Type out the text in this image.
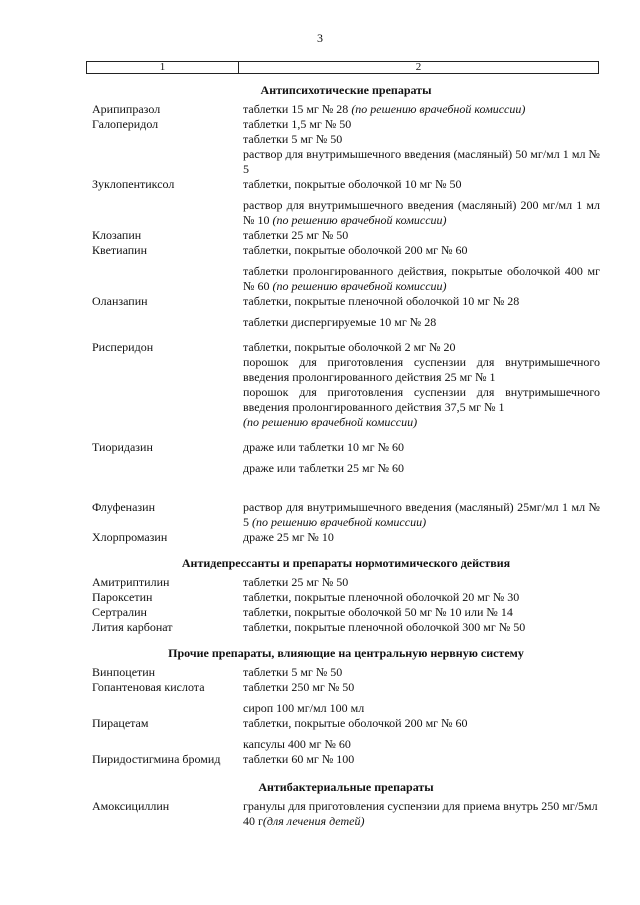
3
1	2
Антипсихотические препараты
Арипипразол	таблетки 15 мг № 28 (по решению врачебной комиссии)
Галоперидол	таблетки 1,5 мг № 50
таблетки 5 мг № 50
раствор для внутримышечного введения (масляный) 50 мг/мл 1 мл № 5
Зуклопентиксол	таблетки, покрытые оболочкой 10 мг № 50
раствор для внутримышечного введения (масляный) 200 мг/мл 1 мл № 10 (по решению врачебной комиссии)
Клозапин	таблетки 25 мг № 50
Кветиапин	таблетки, покрытые оболочкой 200 мг № 60
таблетки пролонгированного действия, покрытые оболочкой 400 мг № 60 (по решению врачебной комиссии)
Оланзапин	таблетки, покрытые пленочной оболочкой 10 мг № 28
таблетки диспергируемые 10 мг № 28
Рисперидон	таблетки, покрытые оболочкой 2 мг № 20
порошок для приготовления суспензии для внутримышечного введения пролонгированного действия 25 мг № 1
порошок для приготовления суспензии для внутримышечного введения пролонгированного действия 37,5 мг № 1
(по решению врачебной комиссии)
Тиоридазин	драже или таблетки 10 мг № 60
драже или таблетки 25 мг № 60
Флуфеназин	раствор для внутримышечного введения (масляный) 25мг/мл 1 мл № 5 (по решению врачебной комиссии)
Хлорпромазин	драже 25 мг № 10
Антидепрессанты и препараты нормотимического действия
Амитриптилин	таблетки 25 мг № 50
Пароксетин	таблетки, покрытые пленочной оболочкой 20 мг № 30
Сертралин	таблетки, покрытые оболочкой 50 мг № 10 или № 14
Лития карбонат	таблетки, покрытые пленочной оболочкой 300 мг № 50
Прочие препараты, влияющие на центральную нервную систему
Винпоцетин	таблетки 5 мг № 50
Гопантеновая кислота	таблетки 250 мг № 50
сироп 100 мг/мл 100 мл
Пирацетам	таблетки, покрытые оболочкой 200 мг № 60
капсулы 400 мг № 60
Пиридостигмина бромид	таблетки 60 мг № 100
Антибактериальные препараты
Амоксициллин	гранулы для приготовления суспензии для приема внутрь 250 мг/5мл 40 г(для лечения детей)
